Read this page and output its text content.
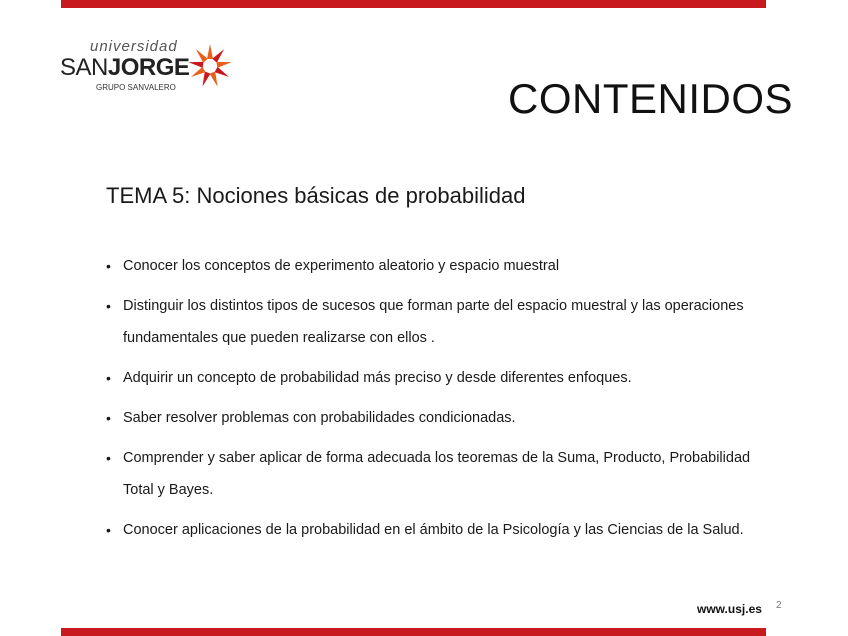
universidad
SANJORGE
GRUPO SANVALERO	CONTENIDOS
TEMA 5: Nociones básicas de probabilidad
• Conocer los conceptos de experimento aleatorio y espacio muestral
• Distinguir los distintos tipos de sucesos que forman parte del espacio muestral y las operaciones fundamentales que pueden realizarse con ellos .
• Adquirir un concepto de probabilidad más preciso y desde diferentes enfoques.
• Saber resolver problemas con probabilidades condicionadas.
• Comprender y saber aplicar de forma adecuada los teoremas de la Suma, Producto, Probabilidad Total y Bayes.
• Conocer aplicaciones de la probabilidad en el ámbito de la Psicología y las Ciencias de la Salud.
www.usj.es 2
